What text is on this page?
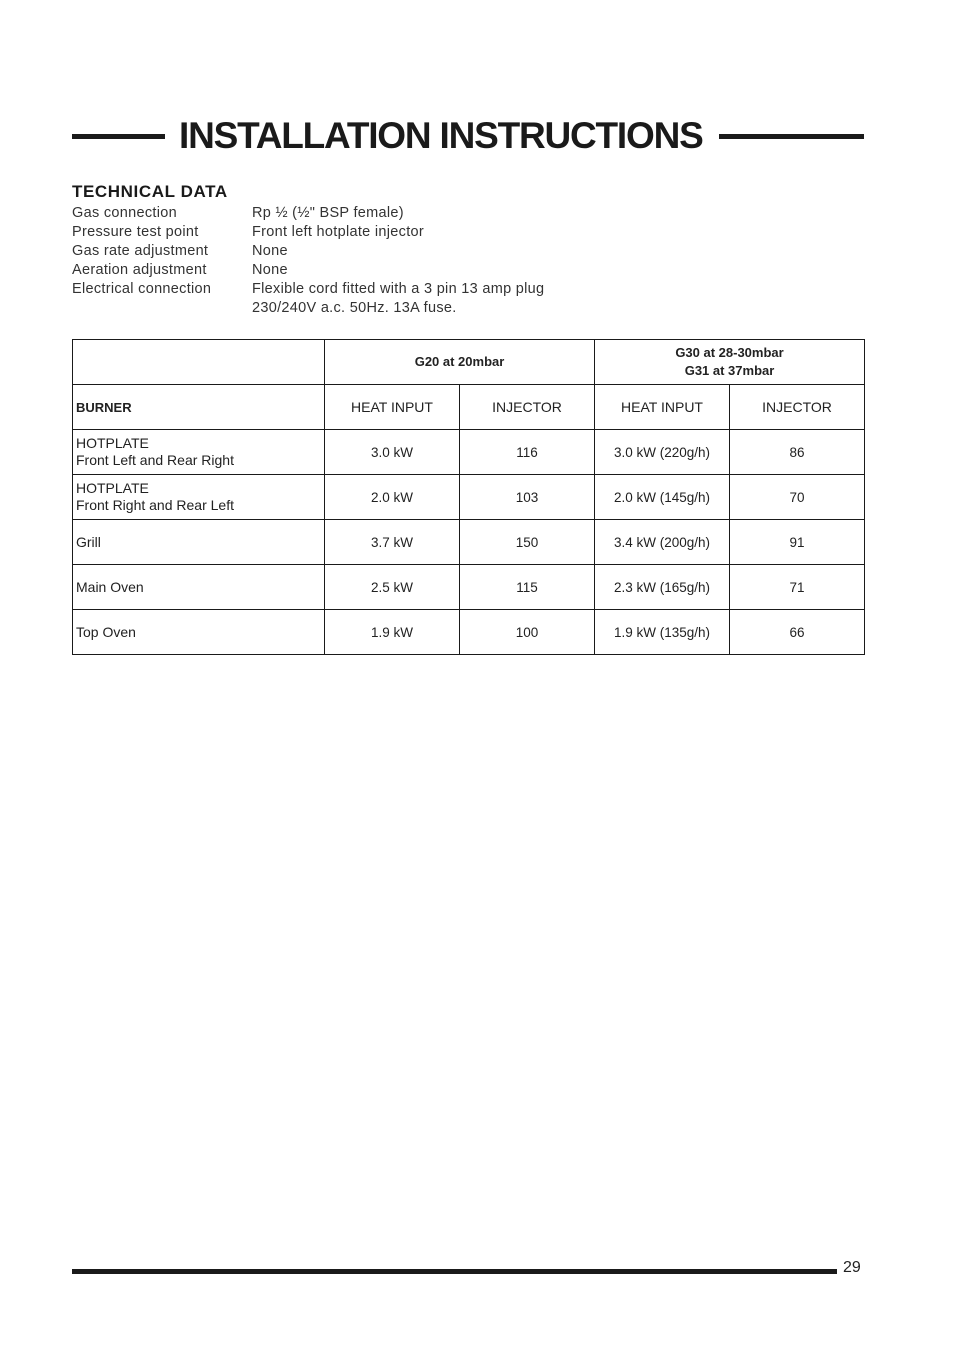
INSTALLATION INSTRUCTIONS
TECHNICAL DATA
Gas connection	Rp ½ (½" BSP female)
Pressure test point	Front left hotplate injector
Gas rate adjustment	None
Aeration adjustment	None
Electrical connection	Flexible cord fitted with a 3 pin 13 amp plug
230/240V a.c. 50Hz. 13A fuse.
	G20 at 20mbar		G30 at 28-30mbar
G31 at 37mbar	

BURNER	HEAT INPUT	INJECTOR	HEAT INPUT	INJECTOR

HOTPLATE
Front Left and Rear Right	3.0 kW	116	3.0 kW (220g/h)	86

HOTPLATE
Front Right and Rear Left	2.0 kW	103	2.0 kW (145g/h)	70
Grill	3.7 kW	150	3.4 kW (200g/h)	91
Main Oven	2.5 kW	115	2.3 kW (165g/h)	71
Top Oven	1.9 kW	100	1.9 kW (135g/h)	66
29
